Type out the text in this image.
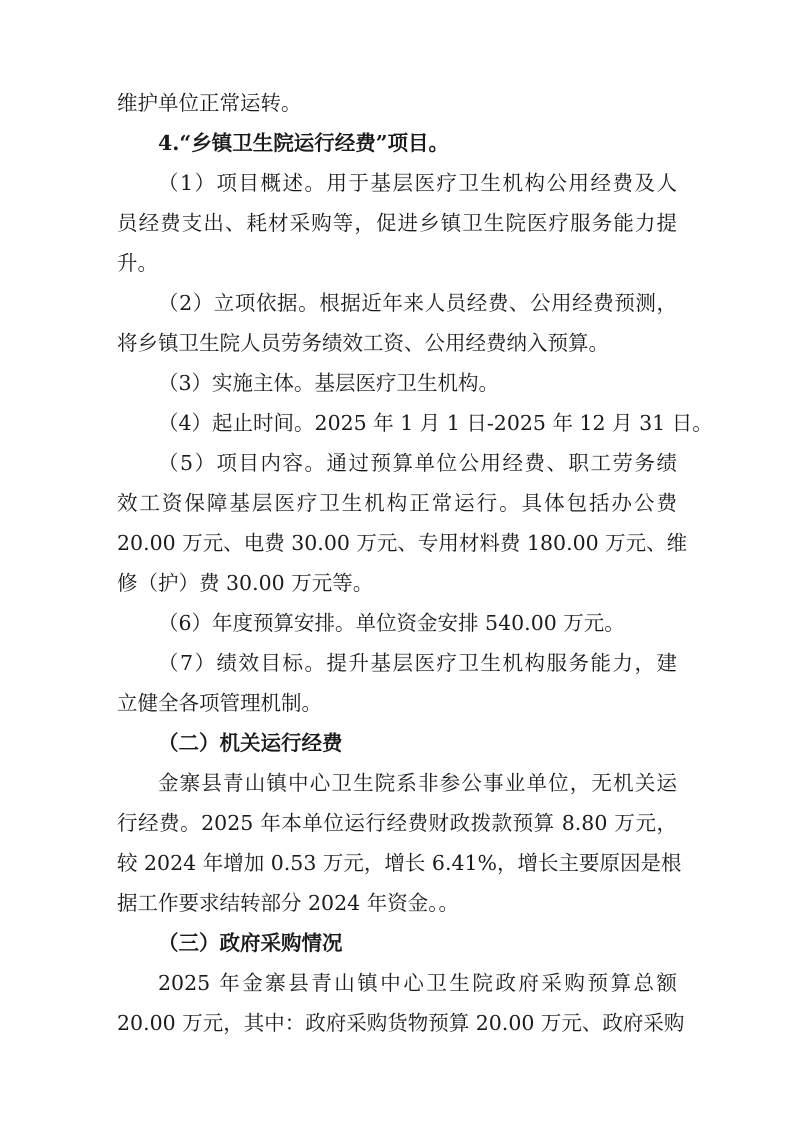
维护单位正常运转。
4.“乡镇卫生院运行经费”项目。
（1）项目概述。用于基层医疗卫生机构公用经费及人
员经费支出、耗材采购等，促进乡镇卫生院医疗服务能力提
升。
（2）立项依据。根据近年来人员经费、公用经费预测，
将乡镇卫生院人员劳务绩效工资、公用经费纳入预算。
（3）实施主体。基层医疗卫生机构。
（4）起止时间。2025 年 1 月 1 日-2025 年 12 月 31 日。
（5）项目内容。通过预算单位公用经费、职工劳务绩
效工资保障基层医疗卫生机构正常运行。具体包括办公费
20.00 万元、电费 30.00 万元、专用材料费 180.00 万元、维
修（护）费 30.00 万元等。
（6）年度预算安排。单位资金安排 540.00 万元。
（7）绩效目标。提升基层医疗卫生机构服务能力，建
立健全各项管理机制。
（二）机关运行经费
金寨县青山镇中心卫生院系非参公事业单位，无机关运
行经费。2025 年本单位运行经费财政拨款预算 8.80 万元，
较 2024 年增加 0.53 万元，增长 6.41%，增长主要原因是根
据工作要求结转部分 2024 年资金。。
（三）政府采购情况
2025 年金寨县青山镇中心卫生院政府采购预算总额
20.00 万元，其中：政府采购货物预算 20.00 万元、政府采购
